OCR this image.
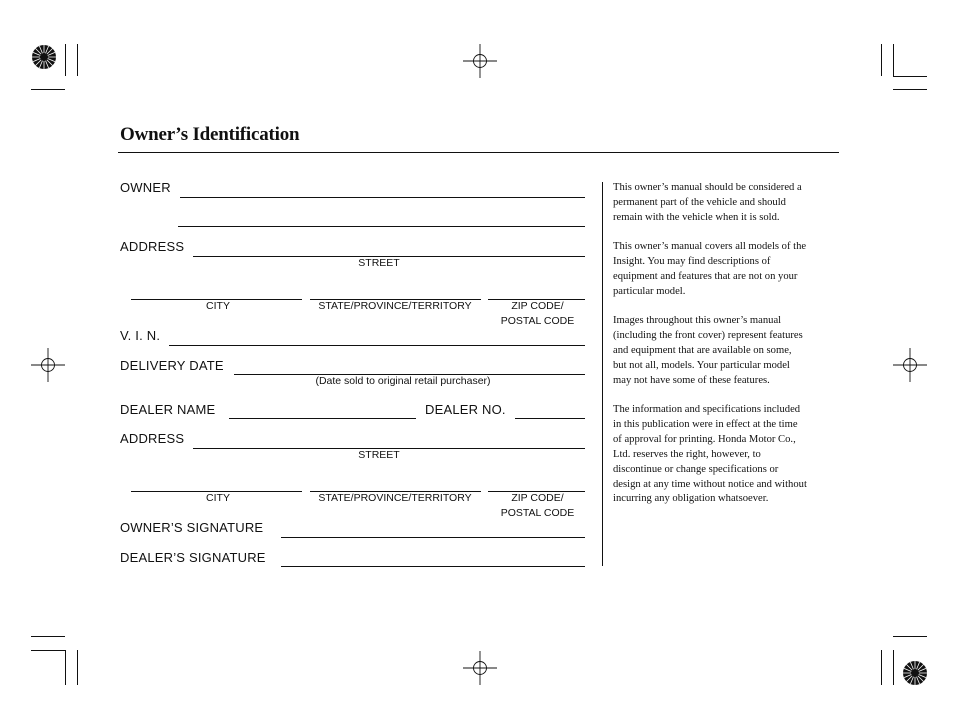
Owner’s Identification
OWNER
ADDRESS
STREET
CITY	STATE/PROVINCE/TERRITORY	ZIP CODE/
POSTAL CODE
V. I. N.
DELIVERY DATE
(Date sold to original retail purchaser)
DEALER NAME	DEALER NO.
ADDRESS
STREET
CITY	STATE/PROVINCE/TERRITORY	ZIP CODE/
POSTAL CODE
OWNER’S SIGNATURE
DEALER’S SIGNATURE
This owner’s manual should be considered a
permanent part of the vehicle and should
remain with the vehicle when it is sold.
This owner’s manual covers all models of the
Insight. You may find descriptions of
equipment and features that are not on your
particular model.
Images throughout this owner’s manual
(including the front cover) represent features
and equipment that are available on some,
but not all, models. Your particular model
may not have some of these features.
The information and specifications included
in this publication were in effect at the time
of approval for printing. Honda Motor Co.,
Ltd. reserves the right, however, to
discontinue or change specifications or
design at any time without notice and without
incurring any obligation whatsoever.
